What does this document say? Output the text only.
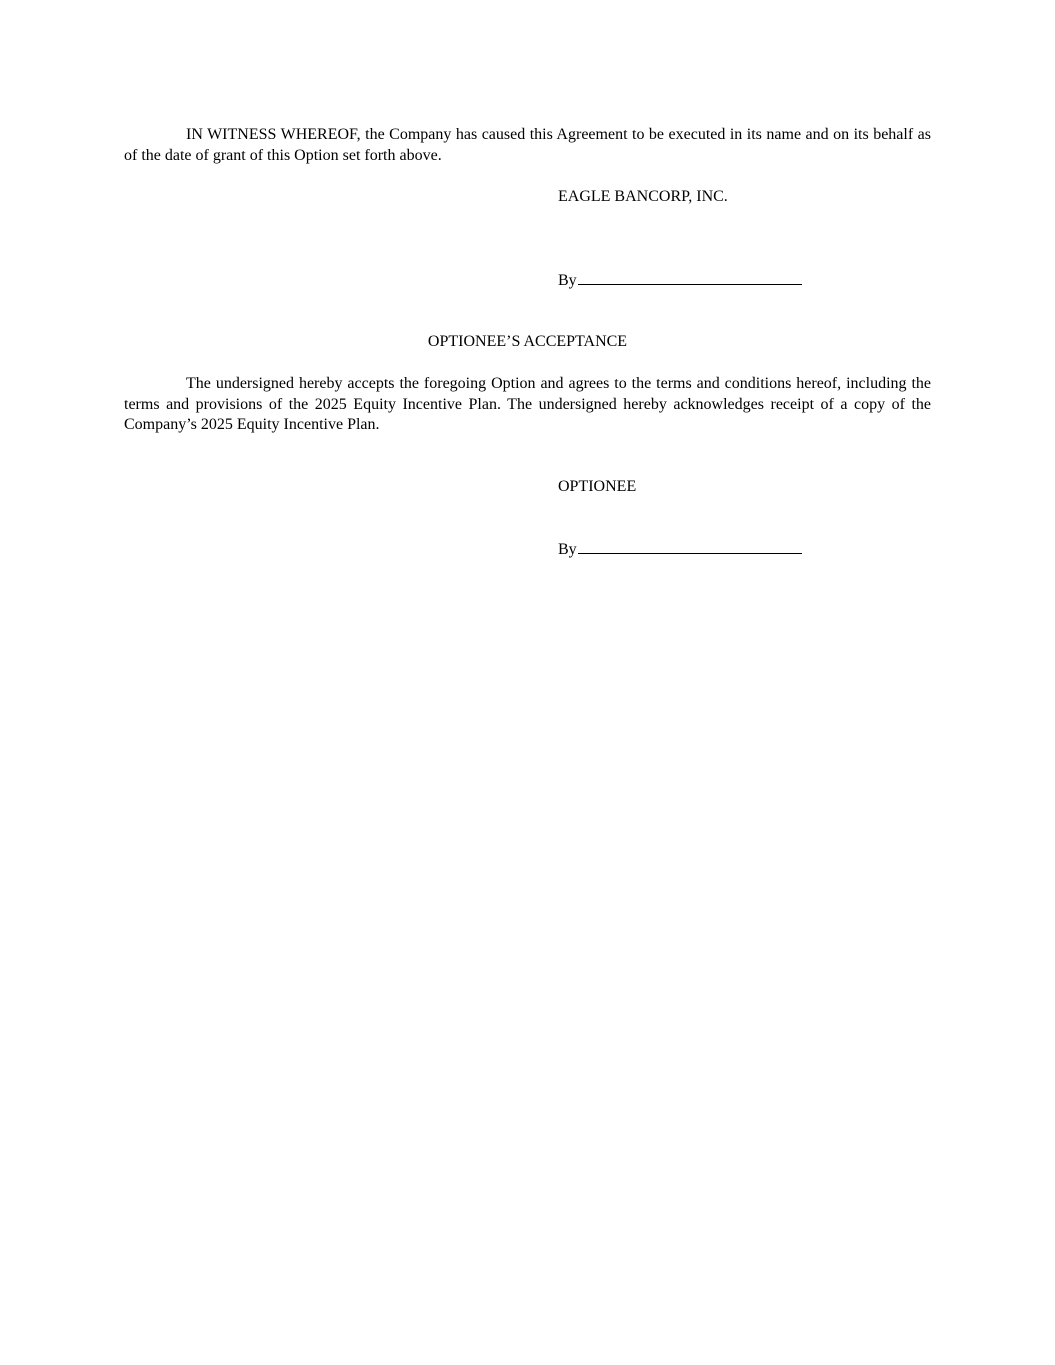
IN WITNESS WHEREOF, the Company has caused this Agreement to be executed in its name and on its behalf as of the date of grant of this Option set forth above.

EAGLE BANCORP, INC.

By

OPTIONEE’S ACCEPTANCE

The undersigned hereby accepts the foregoing Option and agrees to the terms and conditions hereof, including the terms and provisions of the 2025 Equity Incentive Plan. The undersigned hereby acknowledges receipt of a copy of the Company’s 2025 Equity Incentive Plan.

OPTIONEE

By
